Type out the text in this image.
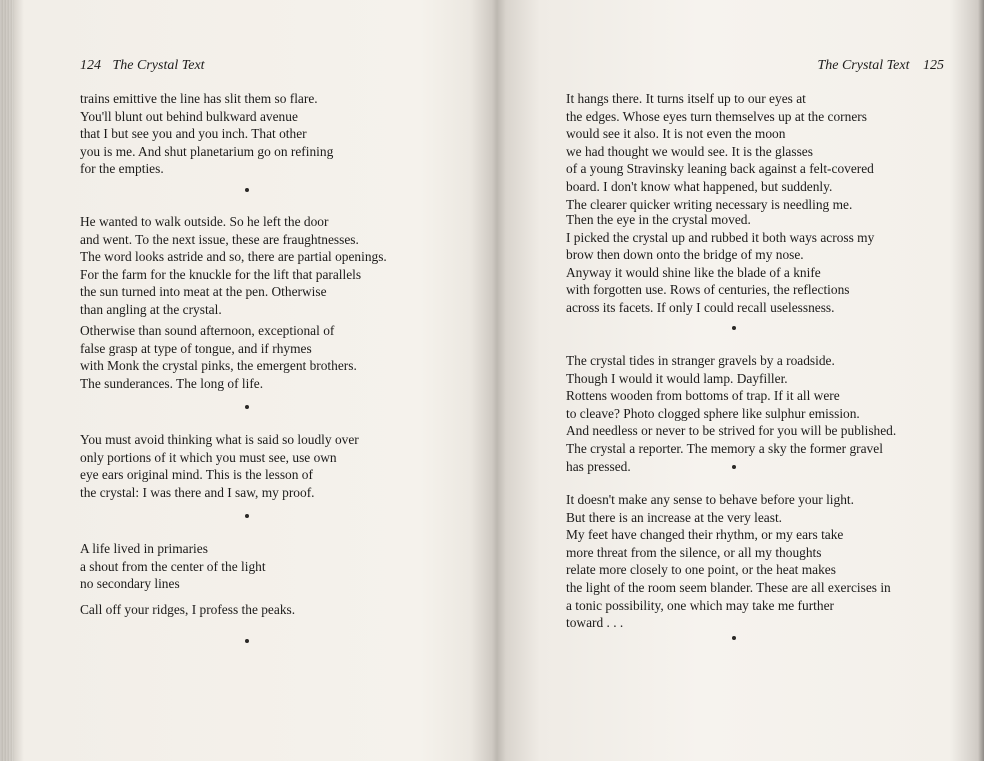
124 The Crystal Text
trains emittive the line has slit them so flare.
You'll blunt out behind bulkward avenue
that I but see you and you inch. That other
you is me. And shut planetarium go on refining
for the empties.
He wanted to walk outside. So he left the door
and went. To the next issue, these are fraughtnesses.
The word looks astride and so, there are partial openings.
For the farm for the knuckle for the lift that parallels
the sun turned into meat at the pen. Otherwise
than angling at the crystal.
Otherwise than sound afternoon, exceptional of
false grasp at type of tongue, and if rhymes
with Monk the crystal pinks, the emergent brothers.
The sunderances. The long of life.
You must avoid thinking what is said so loudly over
only portions of it which you must see, use own
eye ears original mind. This is the lesson of
the crystal: I was there and I saw, my proof.
A life lived in primaries
a shout from the center of the light
no secondary lines
Call off your ridges, I profess the peaks.
The Crystal Text 125
It hangs there. It turns itself up to our eyes at
the edges. Whose eyes turn themselves up at the corners
would see it also. It is not even the moon
we had thought we would see. It is the glasses
of a young Stravinsky leaning back against a felt-covered
board. I don't know what happened, but suddenly.
The clearer quicker writing necessary is needling me.
Then the eye in the crystal moved.
I picked the crystal up and rubbed it both ways across my
brow then down onto the bridge of my nose.
Anyway it would shine like the blade of a knife
with forgotten use. Rows of centuries, the reflections
across its facets. If only I could recall uselessness.
The crystal tides in stranger gravels by a roadside.
Though I would it would lamp. Dayfiller.
Rottens wooden from bottoms of trap. If it all were
to cleave? Photo clogged sphere like sulphur emission.
And needless or never to be strived for you will be published.
The crystal a reporter. The memory a sky the former gravel
has pressed.
It doesn't make any sense to behave before your light.
But there is an increase at the very least.
My feet have changed their rhythm, or my ears take
more threat from the silence, or all my thoughts
relate more closely to one point, or the heat makes
the light of the room seem blander. These are all exercises in
a tonic possibility, one which may take me further
toward . . .
